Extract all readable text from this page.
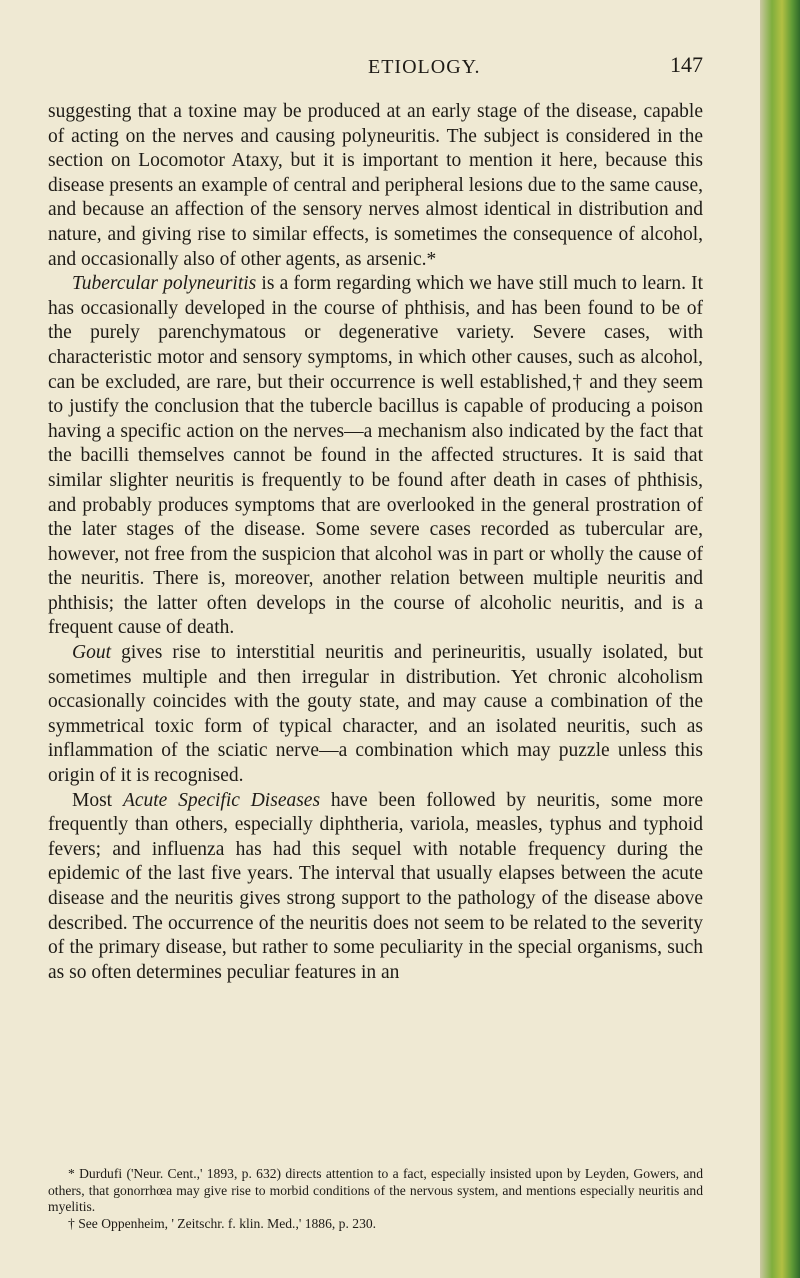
ETIOLOGY.	147

suggesting that a toxine may be produced at an early stage of the disease, capable of acting on the nerves and causing polyneuritis. The subject is considered in the section on Locomotor Ataxy, but it is important to mention it here, because this disease presents an example of central and peripheral lesions due to the same cause, and because an affection of the sensory nerves almost identical in distribution and nature, and giving rise to similar effects, is sometimes the consequence of alcohol, and occasionally also of other agents, as arsenic.*

Tubercular polyneuritis is a form regarding which we have still much to learn. It has occasionally developed in the course of phthisis, and has been found to be of the purely parenchymatous or degenerative variety. Severe cases, with characteristic motor and sensory symptoms, in which other causes, such as alcohol, can be excluded, are rare, but their occurrence is well established,† and they seem to justify the conclusion that the tubercle bacillus is capable of producing a poison having a specific action on the nerves—a mechanism also indicated by the fact that the bacilli themselves cannot be found in the affected structures. It is said that similar slighter neuritis is frequently to be found after death in cases of phthisis, and probably produces symptoms that are overlooked in the general prostration of the later stages of the disease. Some severe cases recorded as tubercular are, however, not free from the suspicion that alcohol was in part or wholly the cause of the neuritis. There is, moreover, another relation between multiple neuritis and phthisis; the latter often develops in the course of alcoholic neuritis, and is a frequent cause of death.

Gout gives rise to interstitial neuritis and perineuritis, usually isolated, but sometimes multiple and then irregular in distribution. Yet chronic alcoholism occasionally coincides with the gouty state, and may cause a combination of the symmetrical toxic form of typical character, and an isolated neuritis, such as inflammation of the sciatic nerve—a combination which may puzzle unless this origin of it is recognised.

Most Acute Specific Diseases have been followed by neuritis, some more frequently than others, especially diphtheria, variola, measles, typhus and typhoid fevers; and influenza has had this sequel with notable frequency during the epidemic of the last five years. The interval that usually elapses between the acute disease and the neuritis gives strong support to the pathology of the disease above described. The occurrence of the neuritis does not seem to be related to the severity of the primary disease, but rather to some peculiarity in the special organisms, such as so often determines peculiar features in an

* Durdufi ('Neur. Cent.,' 1893, p. 632) directs attention to a fact, especially insisted upon by Leyden, Gowers, and others, that gonorrhœa may give rise to morbid conditions of the nervous system, and mentions especially neuritis and myelitis.

† See Oppenheim, ' Zeitschr. f. klin. Med.,' 1886, p. 230.
